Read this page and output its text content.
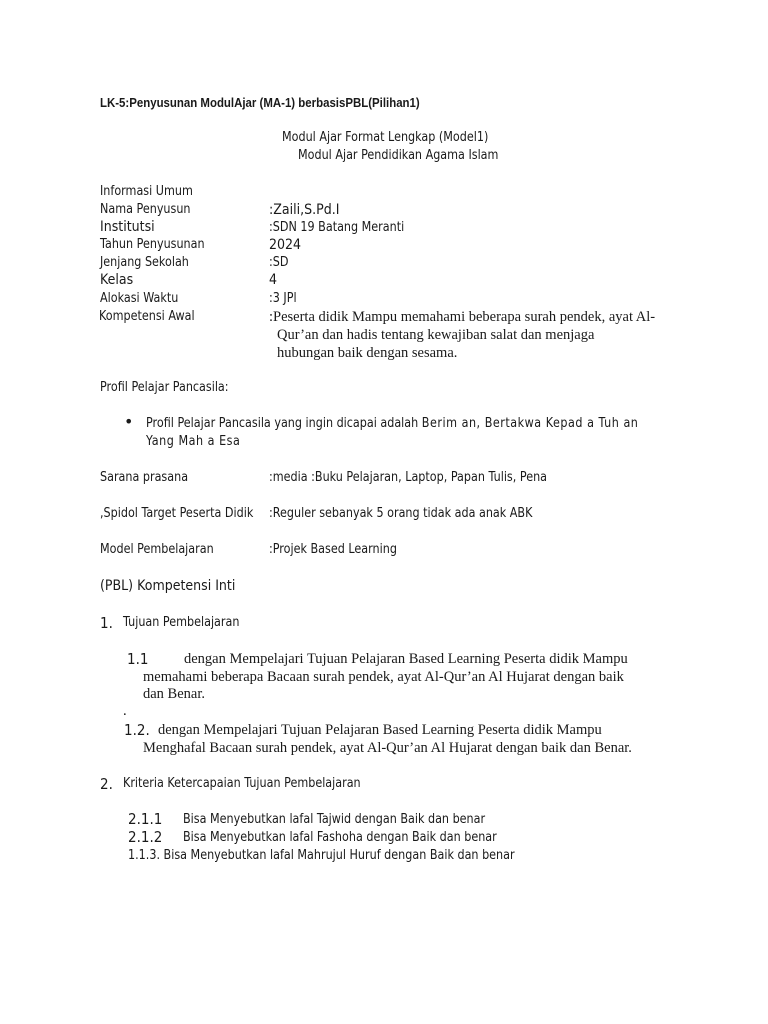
LK-5:Penyusunan ModulAjar (MA-1) berbasisPBL(Pilihan1)
Modul Ajar Format Lengkap (Model1)
Modul Ajar Pendidikan Agama Islam
Informasi Umum
Nama Penyusun	:Zaili,S.Pd.I
Institutsi	:SDN 19 Batang Meranti
Tahun Penyusunan	2024
Jenjang Sekolah	:SD
Kelas	4
Alokasi Waktu	:3 JPl
Kompetensi Awal	:Peserta didik Mampu memahami beberapa surah pendek, ayat Al-
Qur’an dan hadis tentang kewajiban salat dan menjaga
hubungan baik dengan sesama.
Profil Pelajar Pancasila:
• Profil Pelajar Pancasila yang ingin dicapai adalah Berim an, Bertakwa Kepad a Tuh an
Yang Mah a Esa
Sarana prasana	:media :Buku Pelajaran, Laptop, Papan Tulis, Pena
,Spidol Target Peserta Didik :Reguler sebanyak 5 orang tidak ada anak ABK
Model Pembelajaran	:Projek Based Learning
(PBL) Kompetensi Inti
1. Tujuan Pembelajaran
1.1 dengan Mempelajari Tujuan Pelajaran Based Learning Peserta didik Mampu
memahami beberapa Bacaan surah pendek, ayat Al-Qur’an Al Hujarat dengan baik
dan Benar.
.
1.2. dengan Mempelajari Tujuan Pelajaran Based Learning Peserta didik Mampu
Menghafal Bacaan surah pendek, ayat Al-Qur’an Al Hujarat dengan baik dan Benar.
2. Kriteria Ketercapaian Tujuan Pembelajaran
2.1.1 Bisa Menyebutkan lafal Tajwid dengan Baik dan benar
2.1.2 Bisa Menyebutkan lafal Fashoha dengan Baik dan benar
1.1.3. Bisa Menyebutkan lafal Mahrujul Huruf dengan Baik dan benar
